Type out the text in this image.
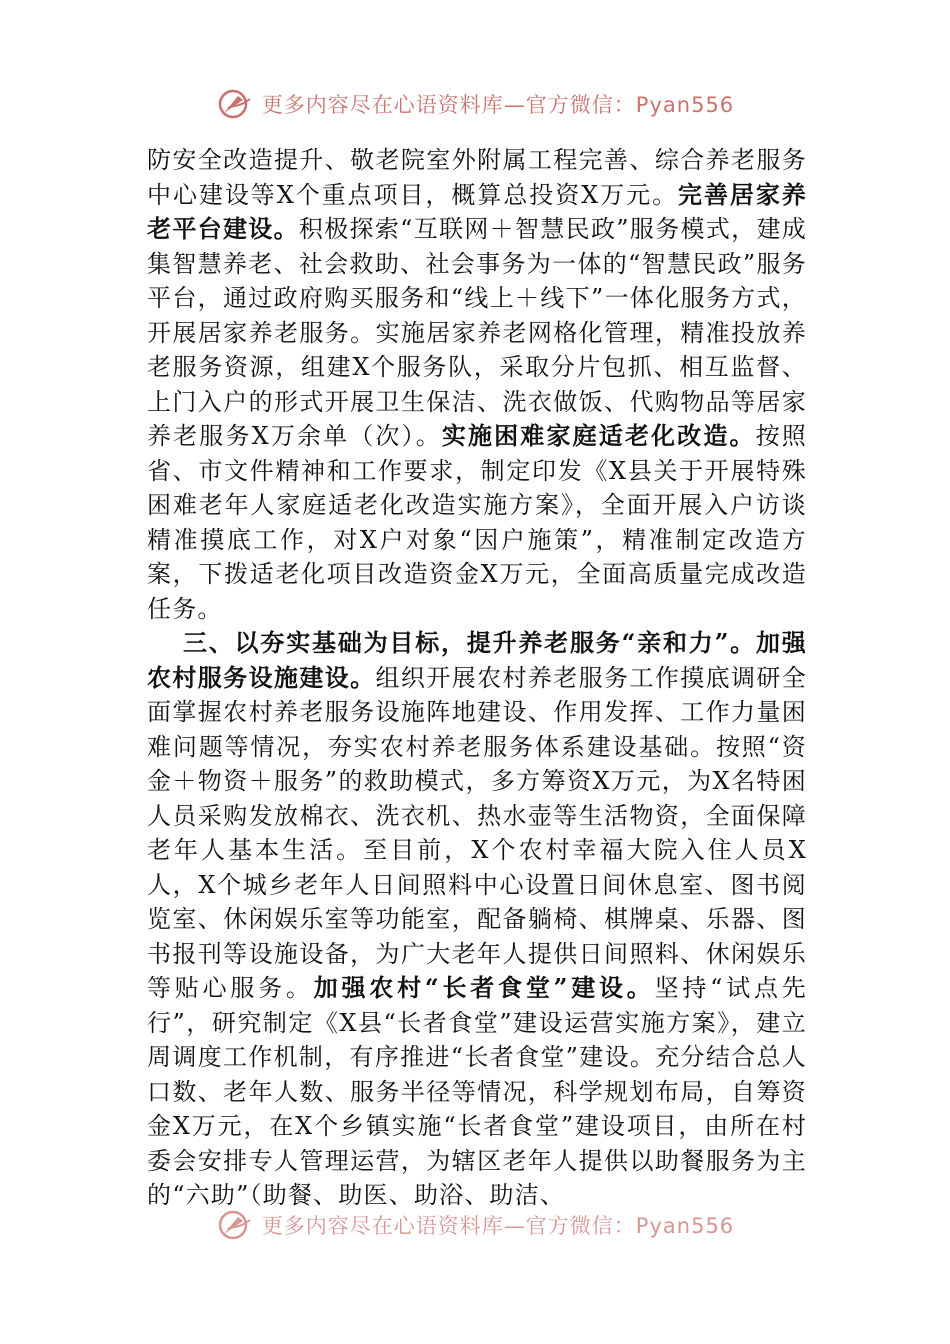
更多内容尽在心语资料库—官方微信：Pyan556

防安全改造提升、敬老院室外附属工程完善、综合养老服务中心建设等X个重点项目，概算总投资X万元。完善居家养老平台建设。积极探索“互联网＋智慧民政”服务模式，建成集智慧养老、社会救助、社会事务为一体的“智慧民政”服务平台，通过政府购买服务和“线上＋线下”一体化服务方式，开展居家养老服务。实施居家养老网格化管理，精准投放养老服务资源，组建X个服务队，采取分片包抓、相互监督、上门入户的形式开展卫生保洁、洗衣做饭、代购物品等居家养老服务X万余单（次）。实施困难家庭适老化改造。按照省、市文件精神和工作要求，制定印发《X县关于开展特殊困难老年人家庭适老化改造实施方案》，全面开展入户访谈精准摸底工作，对X户对象“因户施策”，精准制定改造方案，下拨适老化项目改造资金X万元，全面高质量完成改造任务。

三、以夯实基础为目标，提升养老服务“亲和力”。加强农村服务设施建设。组织开展农村养老服务工作摸底调研全面掌握农村养老服务设施阵地建设、作用发挥、工作力量困难问题等情况，夯实农村养老服务体系建设基础。按照“资金＋物资＋服务”的救助模式，多方筹资X万元，为X名特困人员采购发放棉衣、洗衣机、热水壶等生活物资，全面保障老年人基本生活。至目前，X个农村幸福大院入住人员X人，X个城乡老年人日间照料中心设置日间休息室、图书阅览室、休闲娱乐室等功能室，配备躺椅、棋牌桌、乐器、图书报刊等设施设备，为广大老年人提供日间照料、休闲娱乐等贴心服务。加强农村“长者食堂”建设。坚持“试点先行”，研究制定《X县“长者食堂”建设运营实施方案》，建立周调度工作机制，有序推进“长者食堂”建设。充分结合总人口数、老年人数、服务半径等情况，科学规划布局，自筹资金X万元，在X个乡镇实施“长者食堂”建设项目，由所在村委会安排专人管理运营，为辖区老年人提供以助餐服务为主的“六助”（助餐、助医、助浴、助洁、

更多内容尽在心语资料库—官方微信：Pyan556
